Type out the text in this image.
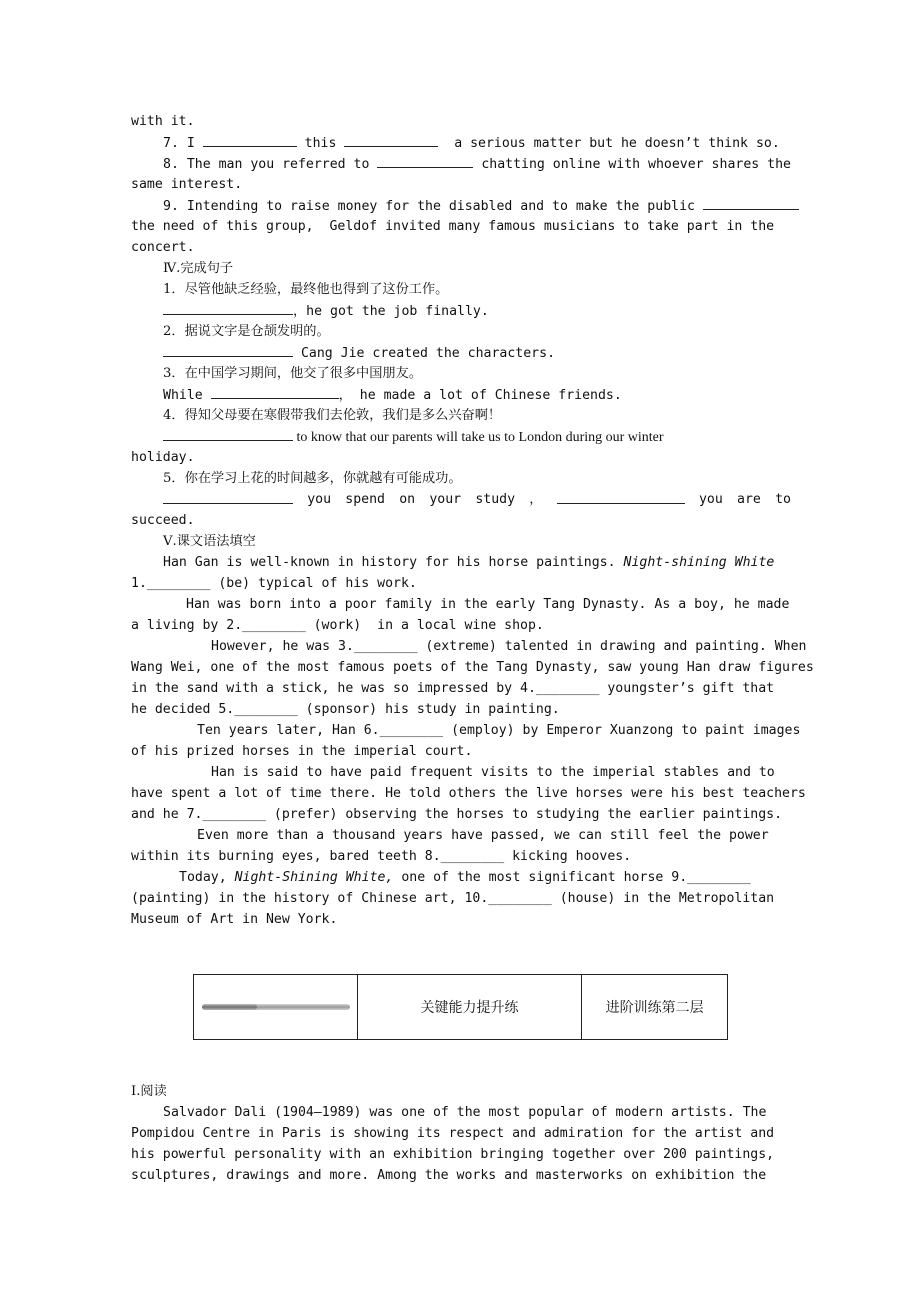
with it.
7. I	this	a serious matter but he doesn’t think so.
8. The man you referred to	chatting online with whoever shares the
same interest.
9. Intending to raise money for the disabled and to make the public
the need of this group,  Geldof invited many famous musicians to take part in the
concert.
Ⅳ.完成句子
1．尽管他缺乏经验，最终他也得到了这份工作。
，he got the job finally.
2．据说文字是仓颉发明的。
Cang Jie created the characters.
3．在中国学习期间，他交了很多中国朋友。
While	， he made a lot of Chinese friends.
4．得知父母要在寒假带我们去伦敦，我们是多么兴奋啊！
to know that our parents will take us to London during our winter
holiday.
5．你在学习上花的时间越多，你就越有可能成功。
you spend on your study ，	you are to
succeed.
Ⅴ.课文语法填空
Han Gan is well-known in history for his horse paintings. Night-shining White
1.________ (be) typical of his work.
Han was born into a poor family in the early Tang Dynasty. As a boy, he made
a living by 2.________ (work)  in a local wine shop.
However, he was 3.________ (extreme) talented in drawing and painting. When
Wang Wei, one of the most famous poets of the Tang Dynasty, saw young Han draw figures
in the sand with a stick, he was so impressed by 4.________ youngster’s gift that
he decided 5.________ (sponsor) his study in painting.
Ten years later, Han 6.________ (employ) by Emperor Xuanzong to paint images
of his prized horses in the imperial court.
Han is said to have paid frequent visits to the imperial stables and to
have spent a lot of time there. He told others the live horses were his best teachers
and he 7.________ (prefer) observing the horses to studying the earlier paintings.
Even more than a thousand years have passed, we can still feel the power
within its burning eyes, bared teeth 8.________ kicking hooves.
Today, Night-Shining White, one of the most significant horse 9.________
(painting) in the history of Chinese art, 10.________ (house) in the Metropolitan
Museum of Art in New York.
关键能力提升练	进阶训练第二层
Ⅰ.阅读
Salvador Dali (1904—1989) was one of the most popular of modern artists. The
Pompidou Centre in Paris is showing its respect and admiration for the artist and
his powerful personality with an exhibition bringing together over 200 paintings,
sculptures, drawings and more. Among the works and masterworks on exhibition the
